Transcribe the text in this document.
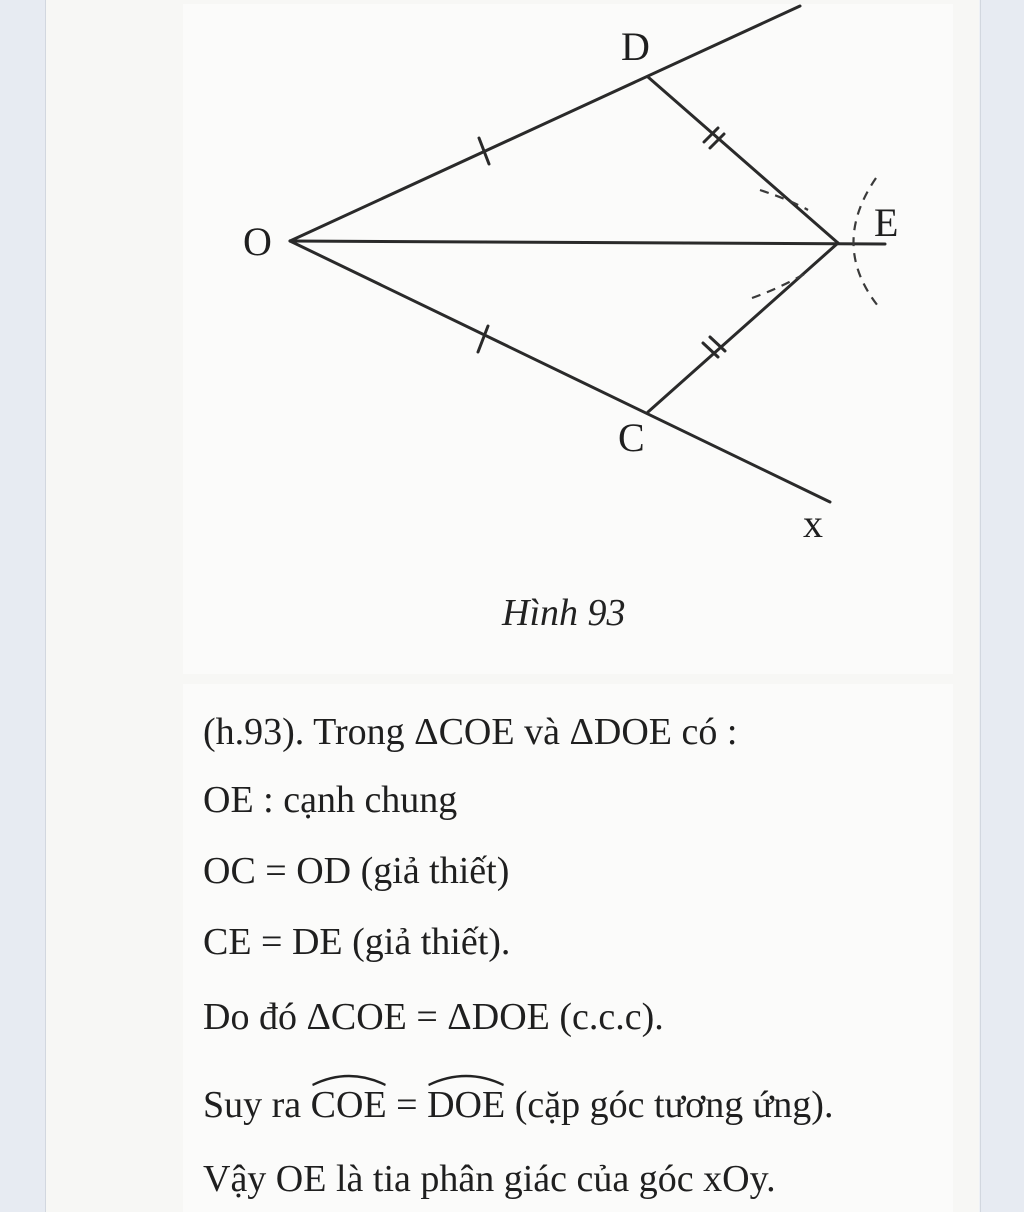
O
D
E
C
x
Hình 93
(h.93). Trong ΔCOE và ΔDOE có :
OE : cạnh chung
OC = OD (giả thiết)
CE = DE (giả thiết).
Do đó ΔCOE = ΔDOE (c.c.c).
Suy ra COE = DOE (cặp góc tương ứng).
Vậy OE là tia phân giác của góc xOy.
